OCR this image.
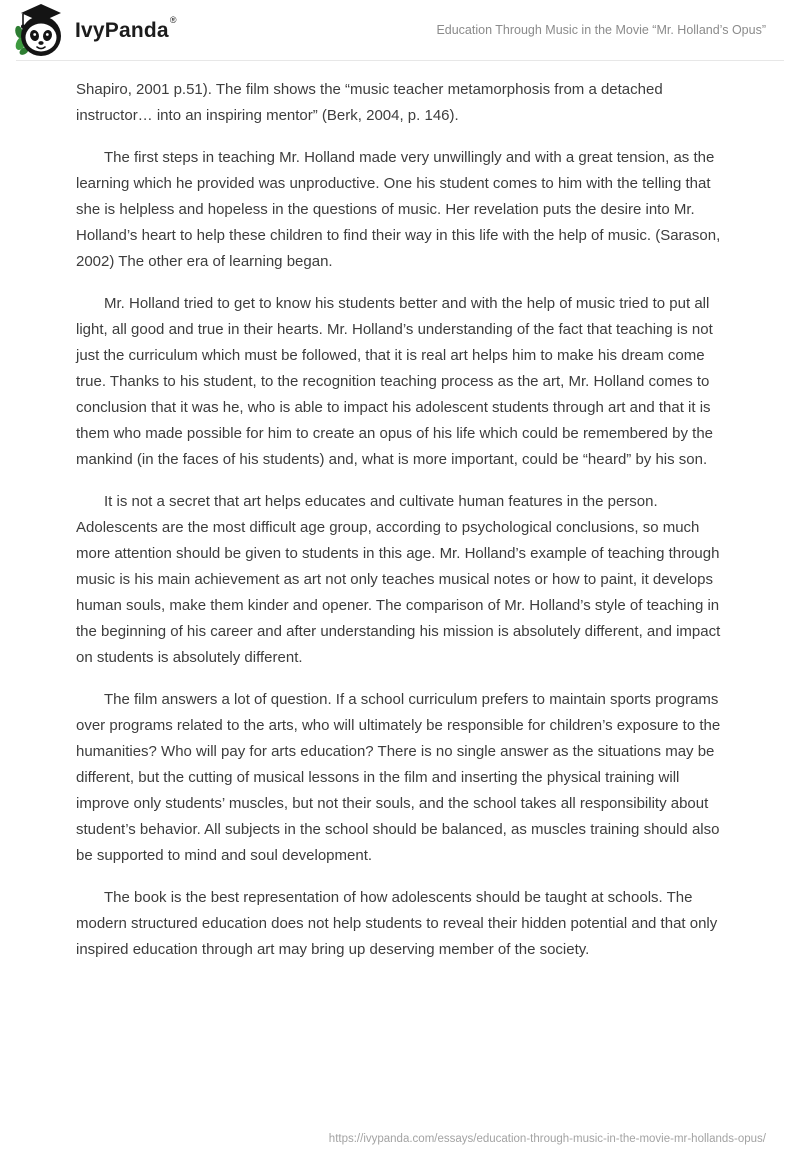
IvyPanda®
Education Through Music in the Movie “Mr. Holland’s Opus”

Shapiro, 2001 p.51). The film shows the “music teacher metamorphosis from a detached instructor… into an inspiring mentor” (Berk, 2004, p. 146).

The first steps in teaching Mr. Holland made very unwillingly and with a great tension, as the learning which he provided was unproductive. One his student comes to him with the telling that she is helpless and hopeless in the questions of music. Her revelation puts the desire into Mr. Holland’s heart to help these children to find their way in this life with the help of music. (Sarason, 2002) The other era of learning began.

Mr. Holland tried to get to know his students better and with the help of music tried to put all light, all good and true in their hearts. Mr. Holland’s understanding of the fact that teaching is not just the curriculum which must be followed, that it is real art helps him to make his dream come true. Thanks to his student, to the recognition teaching process as the art, Mr. Holland comes to conclusion that it was he, who is able to impact his adolescent students through art and that it is them who made possible for him to create an opus of his life which could be remembered by the mankind (in the faces of his students) and, what is more important, could be “heard” by his son.

It is not a secret that art helps educates and cultivate human features in the person. Adolescents are the most difficult age group, according to psychological conclusions, so much more attention should be given to students in this age. Mr. Holland’s example of teaching through music is his main achievement as art not only teaches musical notes or how to paint, it develops human souls, make them kinder and opener. The comparison of Mr. Holland’s style of teaching in the beginning of his career and after understanding his mission is absolutely different, and impact on students is absolutely different.

The film answers a lot of question. If a school curriculum prefers to maintain sports programs over programs related to the arts, who will ultimately be responsible for children’s exposure to the humanities? Who will pay for arts education? There is no single answer as the situations may be different, but the cutting of musical lessons in the film and inserting the physical training will improve only students’ muscles, but not their souls, and the school takes all responsibility about student’s behavior. All subjects in the school should be balanced, as muscles training should also be supported to mind and soul development.

The book is the best representation of how adolescents should be taught at schools. The modern structured education does not help students to reveal their hidden potential and that only inspired education through art may bring up deserving member of the society.

https://ivypanda.com/essays/education-through-music-in-the-movie-mr-hollands-opus/
